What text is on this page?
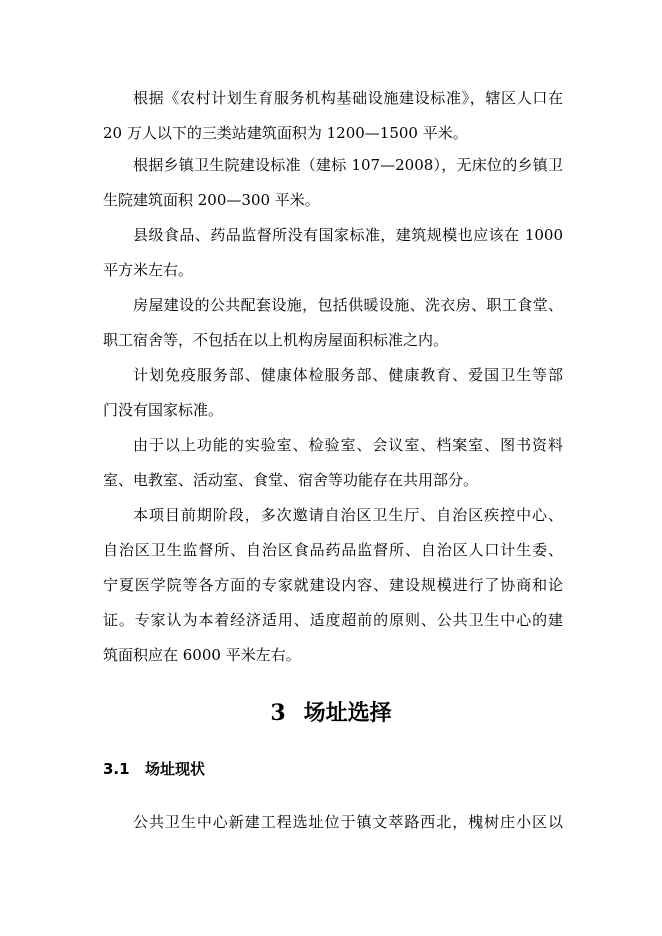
根据《农村计划生育服务机构基础设施建设标准》，辖区人口在
20 万人以下的三类站建筑面积为 1200—1500 平米。
根据乡镇卫生院建设标准（建标 107—2008），无床位的乡镇卫
生院建筑面积 200—300 平米。
县级食品、药品监督所没有国家标准，建筑规模也应该在 1000
平方米左右。
房屋建设的公共配套设施，包括供暖设施、洗衣房、职工食堂、
职工宿舍等，不包括在以上机构房屋面积标准之内。
计划免疫服务部、健康体检服务部、健康教育、爱国卫生等部
门没有国家标准。
由于以上功能的实验室、检验室、会议室、档案室、图书资料
室、电教室、活动室、食堂、宿舍等功能存在共用部分。
本项目前期阶段，多次邀请自治区卫生厅、自治区疾控中心、
自治区卫生监督所、自治区食品药品监督所、自治区人口计生委、
宁夏医学院等各方面的专家就建设内容、建设规模进行了协商和论
证。专家认为本着经济适用、适度超前的原则、公共卫生中心的建
筑面积应在 6000 平米左右。
3 场址选择
3.1 场址现状
公共卫生中心新建工程选址位于镇文萃路西北，槐树庄小区以
